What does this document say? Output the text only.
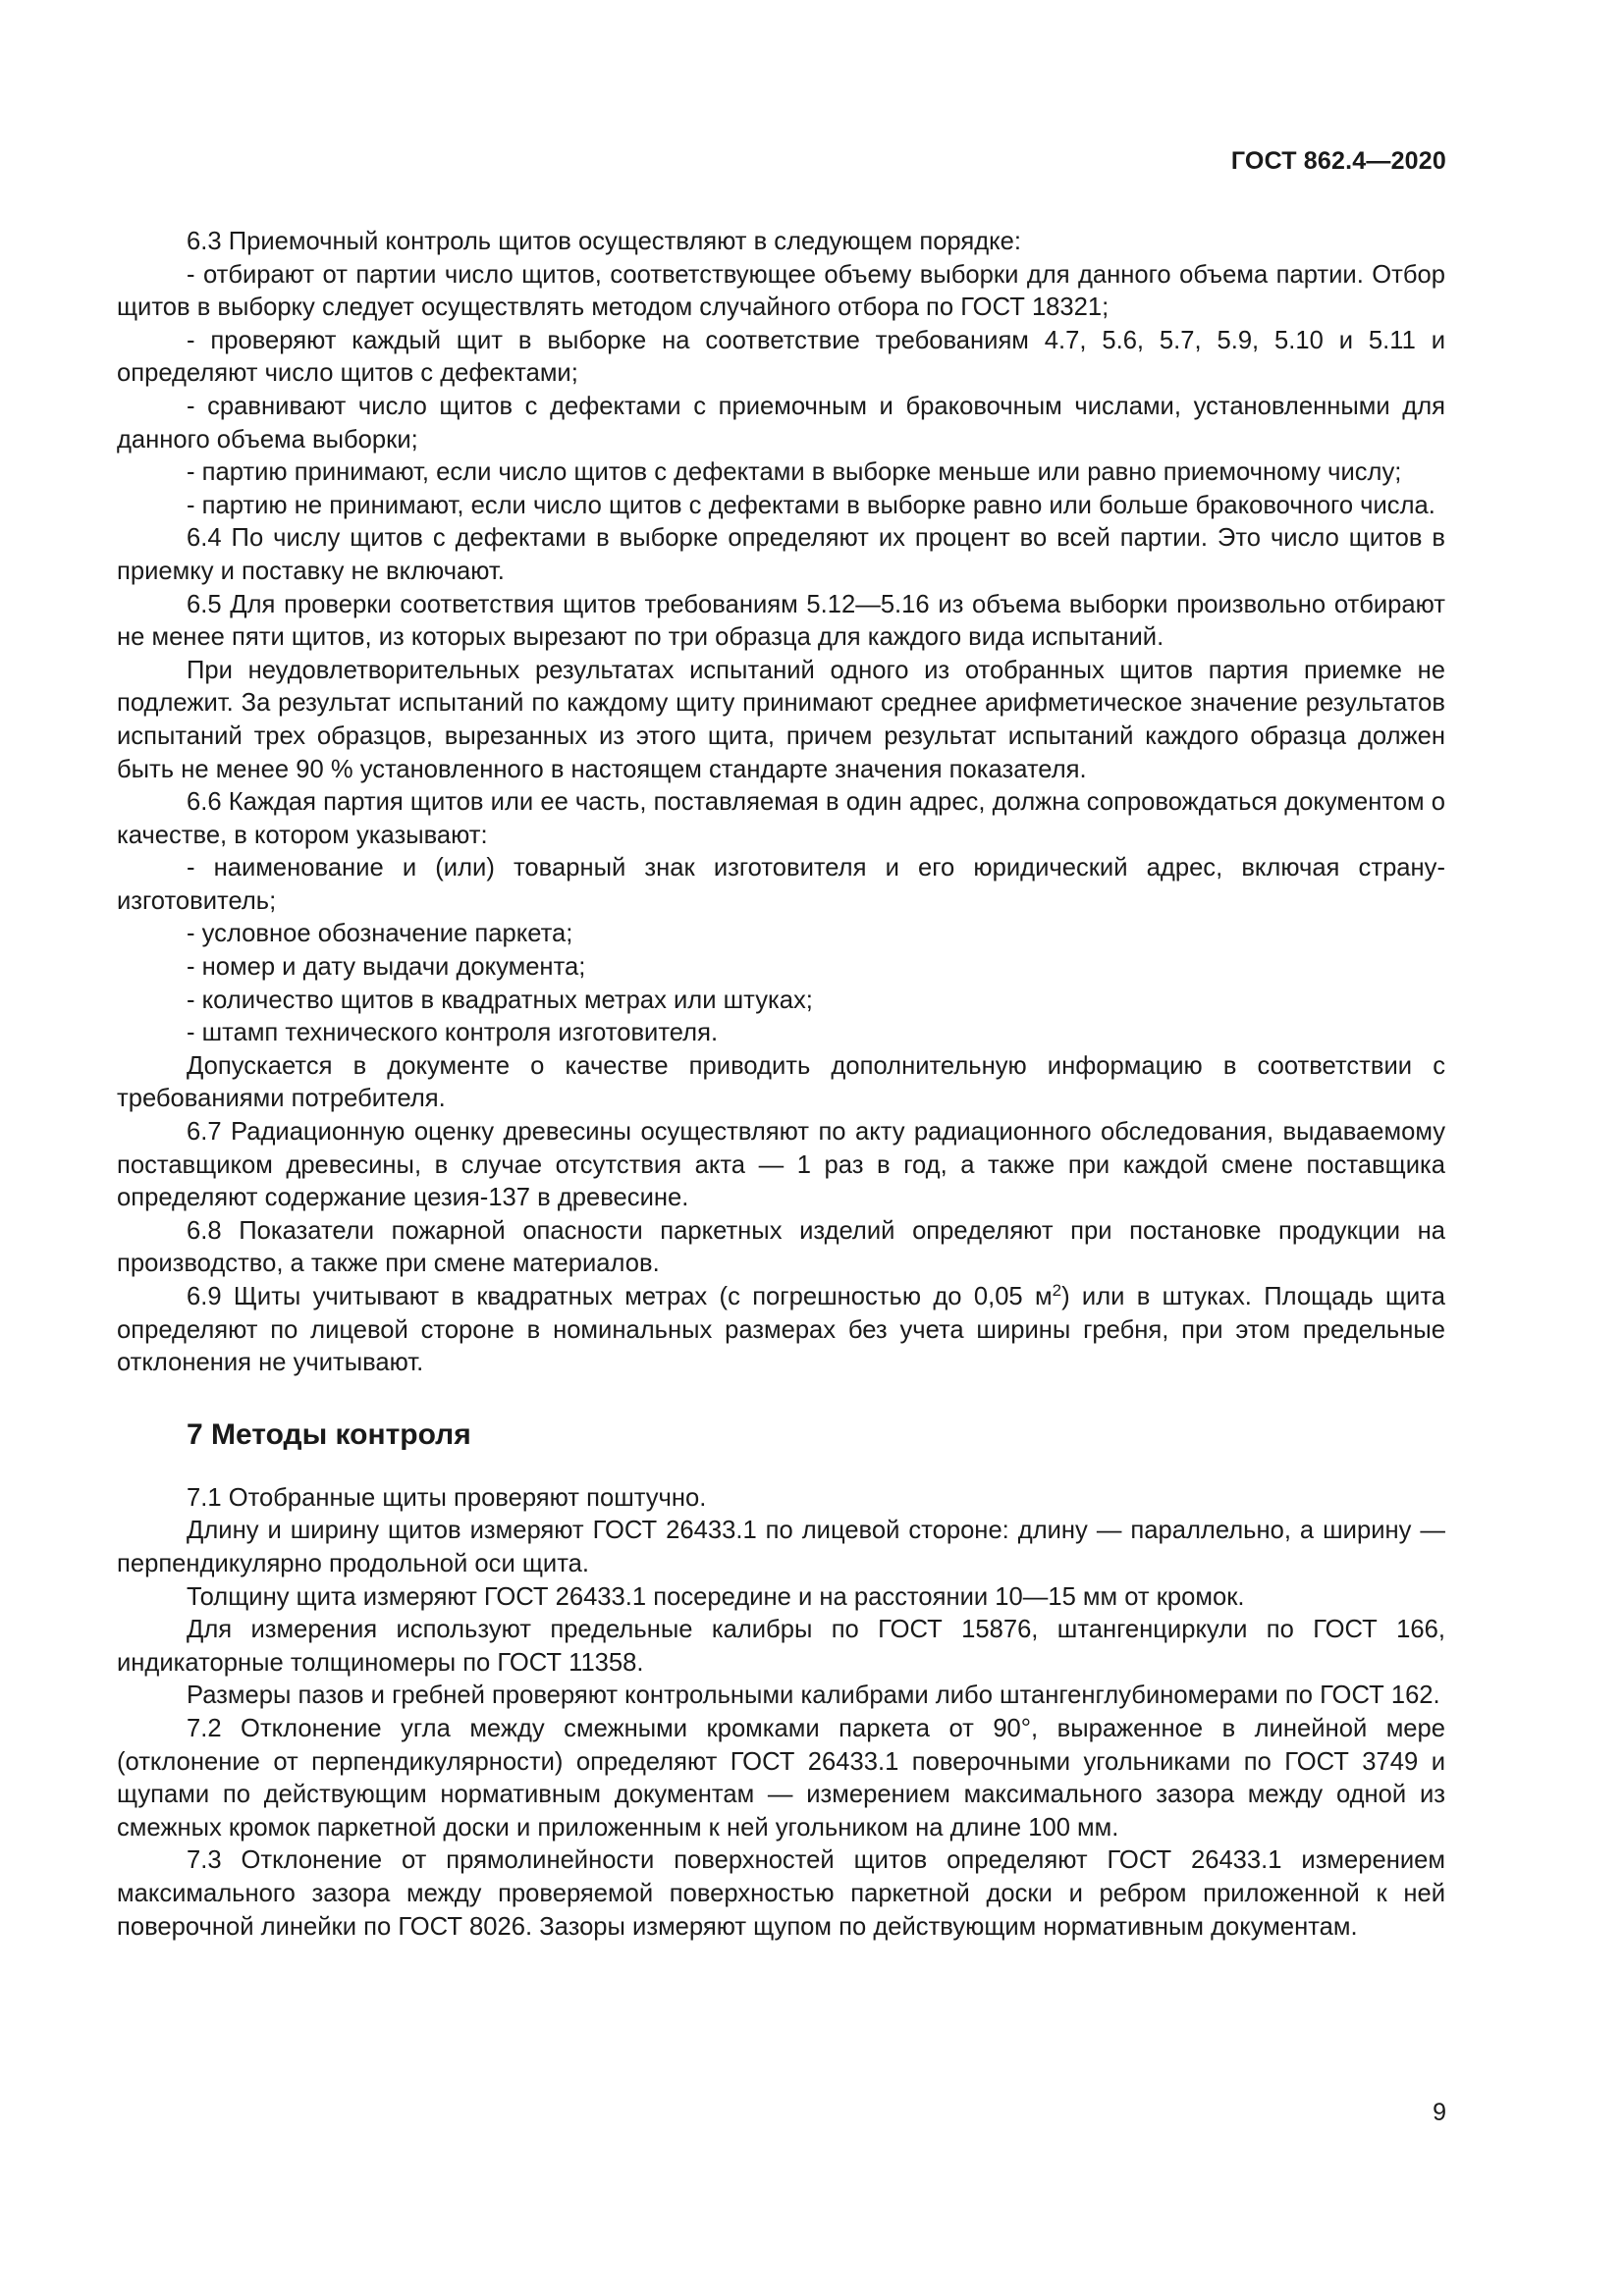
ГОСТ 862.4—2020

6.3 Приемочный контроль щитов осуществляют в следующем порядке:

- отбирают от партии число щитов, соответствующее объему выборки для данного объема партии. Отбор щитов в выборку следует осуществлять методом случайного отбора по ГОСТ 18321;

- проверяют каждый щит в выборке на соответствие требованиям 4.7, 5.6, 5.7, 5.9, 5.10 и 5.11 и определяют число щитов с дефектами;

- сравнивают число щитов с дефектами с приемочным и браковочным числами, установленными для данного объема выборки;

- партию принимают, если число щитов с дефектами в выборке меньше или равно приемочному числу;

- партию не принимают, если число щитов с дефектами в выборке равно или больше браковочного числа.

6.4 По числу щитов с дефектами в выборке определяют их процент во всей партии. Это число щитов в приемку и поставку не включают.

6.5 Для проверки соответствия щитов требованиям 5.12—5.16 из объема выборки произвольно отбирают не менее пяти щитов, из которых вырезают по три образца для каждого вида испытаний.

При неудовлетворительных результатах испытаний одного из отобранных щитов партия приемке не подлежит. За результат испытаний по каждому щиту принимают среднее арифметическое значение результатов испытаний трех образцов, вырезанных из этого щита, причем результат испытаний каждого образца должен быть не менее 90 % установленного в настоящем стандарте значения показателя.

6.6 Каждая партия щитов или ее часть, поставляемая в один адрес, должна сопровождаться документом о качестве, в котором указывают:

- наименование и (или) товарный знак изготовителя и его юридический адрес, включая страну-изготовитель;

- условное обозначение паркета;

- номер и дату выдачи документа;

- количество щитов в квадратных метрах или штуках;

- штамп технического контроля изготовителя.

Допускается в документе о качестве приводить дополнительную информацию в соответствии с требованиями потребителя.

6.7 Радиационную оценку древесины осуществляют по акту радиационного обследования, выдаваемому поставщиком древесины, в случае отсутствия акта — 1 раз в год, а также при каждой смене поставщика определяют содержание цезия-137 в древесине.

6.8 Показатели пожарной опасности паркетных изделий определяют при постановке продукции на производство, а также при смене материалов.

6.9 Щиты учитывают в квадратных метрах (с погрешностью до 0,05 $м^2$) или в штуках. Площадь щита определяют по лицевой стороне в номинальных размерах без учета ширины гребня, при этом предельные отклонения не учитывают.

7 Методы контроля

7.1 Отобранные щиты проверяют поштучно.

Длину и ширину щитов измеряют ГОСТ 26433.1 по лицевой стороне: длину — параллельно, а ширину — перпендикулярно продольной оси щита.

Толщину щита измеряют ГОСТ 26433.1 посередине и на расстоянии 10—15 мм от кромок.

Для измерения используют предельные калибры по ГОСТ 15876, штангенциркули по ГОСТ 166, индикаторные толщиномеры по ГОСТ 11358.

Размеры пазов и гребней проверяют контрольными калибрами либо штангенглубиномерами по ГОСТ 162.

7.2 Отклонение угла между смежными кромками паркета от 90°, выраженное в линейной мере (отклонение от перпендикулярности) определяют ГОСТ 26433.1 поверочными угольниками по ГОСТ 3749 и щупами по действующим нормативным документам — измерением максимального зазора между одной из смежных кромок паркетной доски и приложенным к ней угольником на длине 100 мм.

7.3 Отклонение от прямолинейности поверхностей щитов определяют ГОСТ 26433.1 измерением максимального зазора между проверяемой поверхностью паркетной доски и ребром приложенной к ней поверочной линейки по ГОСТ 8026. Зазоры измеряют щупом по действующим нормативным документам.

9
